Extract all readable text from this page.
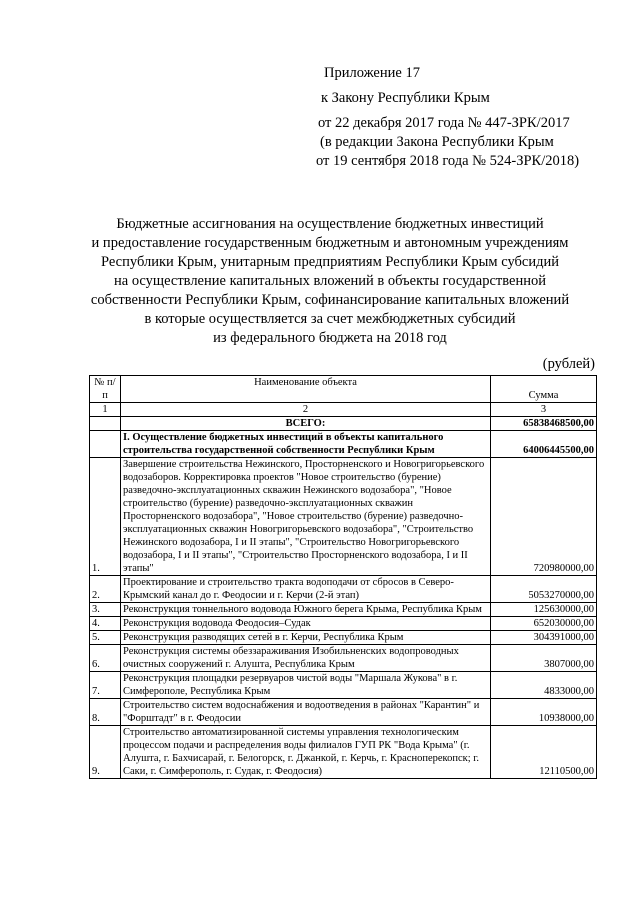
Приложение 17
к Закону Республики Крым
от 22 декабря 2017 года № 447-ЗРК/2017
(в редакции Закона Республики Крым
от 19 сентября 2018 года № 524-ЗРК/2018)
Бюджетные ассигнования на осуществление бюджетных инвестиций
и предоставление государственным бюджетным и автономным учреждениям
Республики Крым, унитарным предприятиям Республики Крым субсидий
на осуществление капитальных вложений в объекты государственной
собственности Республики Крым, софинансирование капитальных вложений
в которые осуществляется за счет межбюджетных субсидий
из федерального бюджета на 2018 год
(рублей)
№ п/п	Наименование объекта	Сумма
1	2	3
	ВСЕГО:	65838468500,00
	I. Осуществление бюджетных инвестиций в объекты капитального строительства государственной собственности Республики Крым	64006445500,00
1.	Завершение строительства Нежинского, Просторненского и Новогригорьевского водозаборов. Корректировка проектов "Новое строительство (бурение) разведочно-эксплуатационных скважин Нежинского водозабора", "Новое строительство (бурение) разведочно-эксплуатационных скважин Просторненского водозабора", "Новое строительство (бурение) разведочно-эксплуатационных скважин Новогригорьевского водозабора", "Строительство Нежинского водозабора, I и II этапы", "Строительство Новогригорьевского водозабора, I и II этапы", "Строительство Просторненского водозабора, I и II этапы"	720980000,00
2.	Проектирование и строительство тракта водоподачи от сбросов в Северо-Крымский канал до г. Феодосии и г. Керчи (2-й этап)	5053270000,00
3.	Реконструкция тоннельного водовода Южного берега Крыма, Республика Крым	125630000,00
4.	Реконструкция водовода Феодосия–Судак	652030000,00
5.	Реконструкция разводящих сетей в г. Керчи, Республика Крым	304391000,00
6.	Реконструкция системы обеззараживания Изобильненских водопроводных очистных сооружений г. Алушта, Республика Крым	3807000,00
7.	Реконструкция площадки резервуаров чистой воды "Маршала Жукова" в г. Симферополе, Республика Крым	4833000,00
8.	Строительство систем водоснабжения и водоотведения в районах "Карантин" и "Форштадт" в г. Феодосии	10938000,00
9.	Строительство автоматизированной системы управления технологическим процессом подачи и распределения воды филиалов ГУП РК "Вода Крыма" (г. Алушта, г. Бахчисарай, г. Белогорск, г. Джанкой, г. Керчь, г. Красноперекопск; г. Саки, г. Симферополь, г. Судак, г. Феодосия)	12110500,00
